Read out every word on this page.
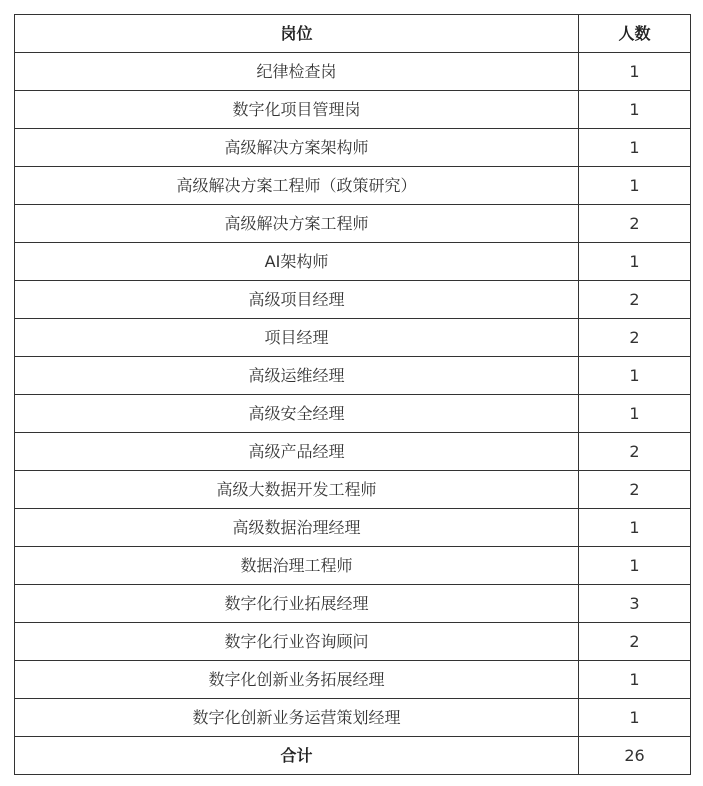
岗位	人数
纪律检查岗	1
数字化项目管理岗	1
高级解决方案架构师	1
高级解决方案工程师（政策研究）	1
高级解决方案工程师	2
AI架构师	1
高级项目经理	2
项目经理	2
高级运维经理	1
高级安全经理	1
高级产品经理	2
高级大数据开发工程师	2
高级数据治理经理	1
数据治理工程师	1
数字化行业拓展经理	3
数字化行业咨询顾问	2
数字化创新业务拓展经理	1
数字化创新业务运营策划经理	1
合计	26
